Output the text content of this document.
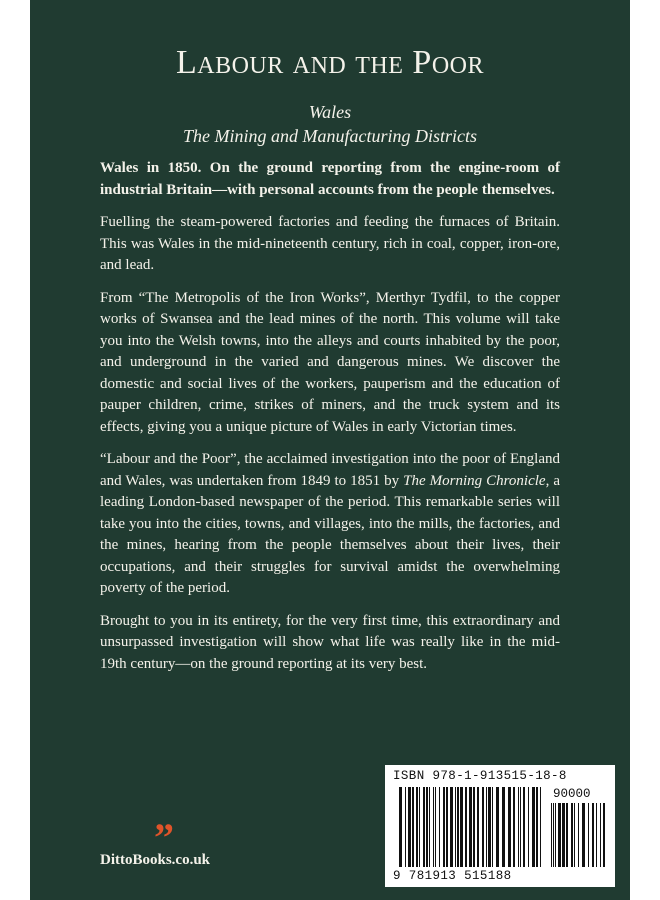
Labour and the Poor
Wales
The Mining and Manufacturing Districts

Wales in 1850. On the ground reporting from the engine-room of industrial Britain—with personal accounts from the people themselves.

Fuelling the steam-powered factories and feeding the furnaces of Britain. This was Wales in the mid-nineteenth century, rich in coal, copper, iron-ore, and lead.

From “The Metropolis of the Iron Works”, Merthyr Tydfil, to the copper works of Swansea and the lead mines of the north. This volume will take you into the Welsh towns, into the alleys and courts inhabited by the poor, and underground in the varied and dangerous mines. We discover the domestic and social lives of the workers, pauperism and the education of pauper children, crime, strikes of miners, and the truck system and its effects, giving you a unique picture of Wales in early Victorian times.

“Labour and the Poor”, the acclaimed investigation into the poor of England and Wales, was undertaken from 1849 to 1851 by The Morning Chronicle, a leading London-based newspaper of the period. This remarkable series will take you into the cities, towns, and villages, into the mills, the factories, and the mines, hearing from the people themselves about their lives, their occupations, and their struggles for survival amidst the overwhelming poverty of the period.

Brought to you in its entirety, for the very first time, this extraordinary and unsurpassed investigation will show what life was really like in the mid-19th century—on the ground reporting at its very best.

”
DittoBooks.co.uk
ISBN 978-1-913515-18-8
90000
9 781913 515188
